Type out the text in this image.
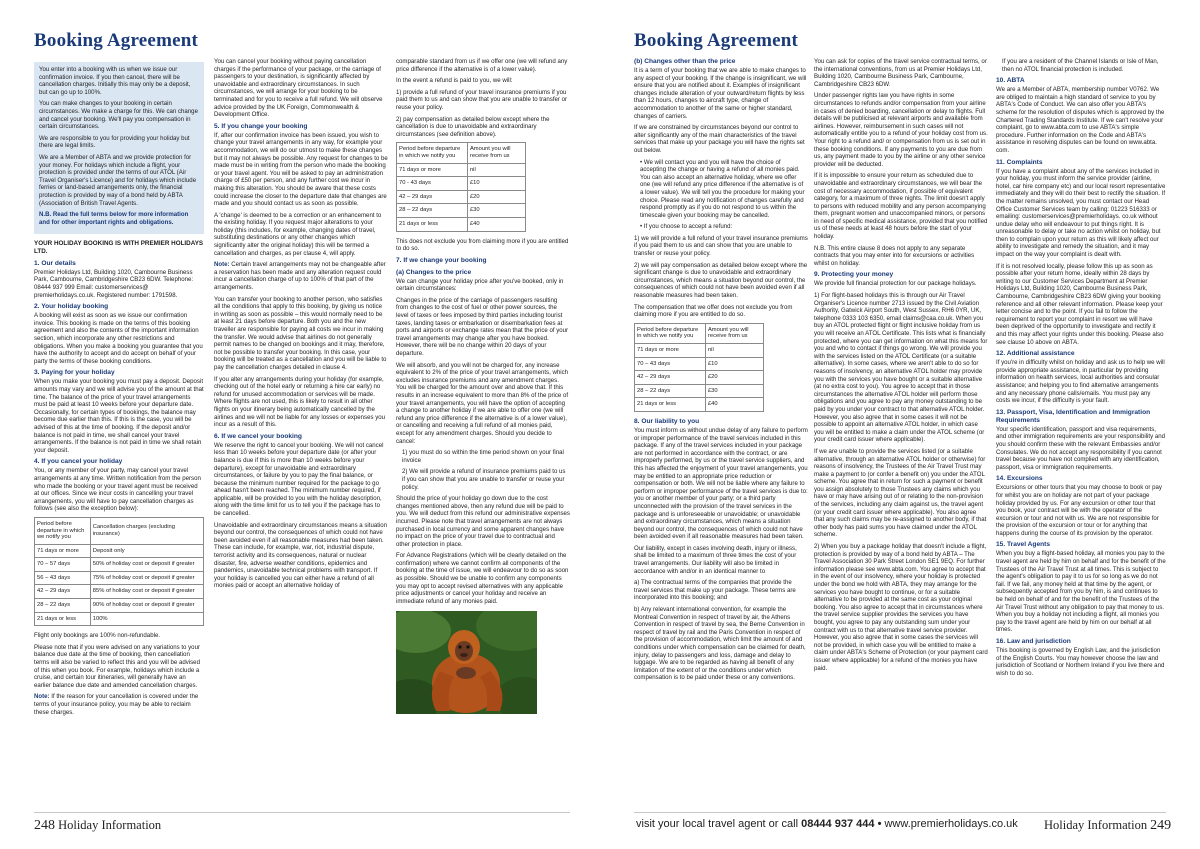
Booking Agreement

You enter into a booking with us when we issue our confirmation invoice. If you then cancel, there will be cancellation charges. Initially this may only be a deposit, but can go up to 100%.

You can make changes to your booking in certain circumstances. We make a charge for this. We can change and cancel your booking. We'll pay you compensation in certain circumstances.

We are responsible to you for providing your holiday but there are legal limits.

We are a Member of ABTA and we provide protection for your money. For holidays which include a flight, your protection is provided under the terms of our ATOL (Air Travel Organiser's Licence) and for holidays which include ferries or land-based arrangements only, the financial protection is provided by way of a bond held by ABTA (Association of British Travel Agents.

N.B. Read the full terms below for more information and for other important rights and obligations.

YOUR HOLIDAY BOOKING IS WITH PREMIER HOLIDAYS LTD.

1. Our details

Premier Holidays Ltd, Building 1020, Cambourne Business Park, Cambourne, Cambridgeshire CB23 6DW. Telephone: 08444 937 999 Email: customerservices@ premierholidays.co.uk. Registered number: 1791598.

2. Your holiday booking

A booking will exist as soon as we issue our confirmation invoice. This booking is made on the terms of this booking agreement and also the contents of the important information section, which incorporate any other restrictions and obligations. When you make a booking you guarantee that you have the authority to accept and do accept on behalf of your party the terms of these booking conditions.

3. Paying for your holiday

When you make your booking you must pay a deposit. Deposit amounts may vary and we will advise you of the amount at that time. The balance of the price of your travel arrangements must be paid at least 10 weeks before your departure date. Occasionally, for certain types of bookings, the balance may become due earlier than this. If this is the case, you will be advised of this at the time of booking. If the deposit and/or balance is not paid in time, we shall cancel your travel arrangements. If the balance is not paid in time we shall retain your deposit.

4. If you cancel your holiday

You, or any member of your party, may cancel your travel arrangements at any time. Written notification from the person who made the booking or your travel agent must be received at our offices. Since we incur costs in cancelling your travel arrangements, you will have to pay cancellation charges as follows (see also the exception below):

Period before departure in which we notify you	Cancellation charges (excluding insurance)
71 days or more	Deposit only
70 – 57 days	50% of holiday cost or deposit if greater
56 – 43 days	75% of holiday cost or deposit if greater
42 – 29 days	85% of holiday cost or deposit if greater
28 – 22 days	90% of holiday cost or deposit if greater
21 days or less	100%

Flight only bookings are 100% non-refundable.

Please note that if you were advised on any variations to your balance due date at the time of booking, then cancellation terms will also be varied to reflect this and you will be advised of this when you book. For example, holidays which include a cruise, and certain tour itineraries, will generally have an earlier balance due date and amended cancellation charges.

Note: If the reason for your cancellation is covered under the terms of your insurance policy, you may be able to reclaim these charges.

You can cancel your booking without paying cancellation charges if the performance of your package, or the carriage of passengers to your destination, is significantly affected by unavoidable and extraordinary circumstances. In such circumstances, we will arrange for your booking to be terminated and for you to receive a full refund. We will observe advice provided by the UK Foreign, Commonwealth & Development Office.

5. If you change your booking

If, after our confirmation invoice has been issued, you wish to change your travel arrangements in any way, for example your accommodation, we will do our utmost to make these changes but it may not always be possible. Any request for changes to be made must be in writing from the person who made the booking or your travel agent. You will be asked to pay an administration charge of £50 per person, and any further cost we incur in making this alteration. You should be aware that these costs could increase the closer to the departure date that changes are made and you should contact us as soon as possible.

A 'change' is deemed to be a correction or an enhancement to the existing holiday. If you request major alterations to your holiday (this includes, for example, changing dates of travel, substituting destinations or any other changes which significantly alter the original holiday) this will be termed a cancellation and charges, as per clause 4, will apply.

Note: Certain travel arrangements may not be changeable after a reservation has been made and any alteration request could incur a cancellation charge of up to 100% of that part of the arrangements.

You can transfer your booking to another person, who satisfies all the conditions that apply to this booking, by giving us notice in writing as soon as possible – this would normally need to be at least 21 days before departure. Both you and the new traveller are responsible for paying all costs we incur in making the transfer. We would advise that airlines do not generally permit names to be changed on bookings and it may, therefore, not be possible to transfer your booking. In this case, your booking will be treated as a cancellation and you will be liable to pay the cancellation charges detailed in clause 4.

If you alter any arrangements during your holiday (for example, checking out of the hotel early or returning a hire car early) no refund for unused accommodation or services will be made. Where flights are not used, this is likely to result in all other flights on your itinerary being automatically cancelled by the airlines and we will not be liable for any losses or expenses you incur as a result of this.

6. If we cancel your booking

We reserve the right to cancel your booking. We will not cancel less than 10 weeks before your departure date (or after your balance is due if this is more than 10 weeks before your departure), except for unavoidable and extraordinary circumstances, or failure by you to pay the final balance, or because the minimum number required for the package to go ahead hasn't been reached. The minimum number required, if applicable, will be provided to you with the holiday description, along with the time limit for us to tell you if the package has to be cancelled.

Unavoidable and extraordinary circumstances means a situation beyond our control, the consequences of which could not have been avoided even if all reasonable measures had been taken. These can include, for example, war, riot, industrial dispute, terrorist activity and its consequences, natural or nuclear disaster, fire, adverse weather conditions, epidemics and pandemics, unavoidable technical problems with transport. If your holiday is cancelled you can either have a refund of all monies paid or accept an alternative holiday of

comparable standard from us if we offer one (we will refund any price difference if the alternative is of a lower value).

In the event a refund is paid to you, we will:

1) provide a full refund of your travel insurance premiums if you paid them to us and can show that you are unable to transfer or reuse your policy.

2) pay compensation as detailed below except where the cancellation is due to unavoidable and extraordinary circumstances (see definition above).

Period before departure in which we notify you	Amount you will receive from us
71 days or more	nil
70 - 43 days	£10
42 – 29 days	£20
28 – 22 days	£30
21 days or less	£40

This does not exclude you from claiming more if you are entitled to do so.

7. If we change your booking
(a) Changes to the price

We can change your holiday price after you've booked, only in certain circumstances:

Changes in the price of the carriage of passengers resulting from changes to the cost of fuel or other power sources, the level of taxes or fees imposed by third parties including tourist taxes, landing taxes or embarkation or disembarkation fees at ports and airports or exchange rates mean that the price of your travel arrangements may change after you have booked. However, there will be no change within 20 days of your departure.

We will absorb, and you will not be charged for, any increase equivalent to 2% of the price of your travel arrangements, which excludes insurance premiums and any amendment charges. You will be charged for the amount over and above that. If this results in an increase equivalent to more than 8% of the price of your travel arrangements, you will have the option of accepting a change to another holiday if we are able to offer one (we will refund any price difference if the alternative is of a lower value), or cancelling and receiving a full refund of all monies paid, except for any amendment charges. Should you decide to cancel:

1) you must do so within the time period shown on your final invoice

2) We will provide a refund of insurance premiums paid to us if you can show that you are unable to transfer or reuse your policy.

Should the price of your holiday go down due to the cost changes mentioned above, then any refund due will be paid to you. We will deduct from this refund our administrative expenses incurred. Please note that travel arrangements are not always purchased in local currency and some apparent changes have no impact on the price of your travel due to contractual and other protection in place.

For Advance Registrations (which will be clearly detailed on the confirmation) where we cannot confirm all components of the booking at the time of issue, we will endeavour to do so as soon as possible. Should we be unable to confirm any components you may opt to accept revised alternatives with any applicable price adjustments or cancel your holiday and receive an immediate refund of any monies paid.

248 Holiday Information
Booking Agreement
(b) Changes other than the price

It is a term of your booking that we are able to make changes to any aspect of your booking. If the change is insignificant, we will ensure that you are notified about it. Examples of insignificant changes include alteration of your outward/return flights by less than 12 hours, changes to aircraft type, change of accommodation to another of the same or higher standard, changes of carriers.

If we are constrained by circumstances beyond our control to alter significantly any of the main characteristics of the travel services that make up your package you will have the rights set out below.

• We will contact you and you will have the choice of accepting the change or having a refund of all monies paid. You can also accept an alternative holiday, where we offer one (we will refund any price difference if the alternative is of a lower value). We will tell you the procedure for making your choice. Please read any notification of changes carefully and respond promptly as if you do not respond to us within the timescale given your booking may be cancelled.

• If you choose to accept a refund:

1) we will provide a full refund of your travel insurance premiums if you paid them to us and can show that you are unable to transfer or reuse your policy.

2) we will pay compensation as detailed below except where the significant change is due to unavoidable and extraordinary circumstances, which means a situation beyond our control, the consequences of which could not have been avoided even if all reasonable measures had been taken.

The compensation that we offer does not exclude you from claiming more if you are entitled to do so.

Period before departure in which we notify you	Amount you will receive from us
71 days or more	nil
70 – 43 days	£10
42 – 29 days	£20
28 – 22 days	£30
21 days or less	£40
8. Our liability to you

You must inform us without undue delay of any failure to perform or improper performance of the travel services included in this package. If any of the travel services included in your package are not performed in accordance with the contract, or are improperly performed, by us or the travel service suppliers, and this has affected the enjoyment of your travel arrangements, you may be entitled to an appropriate price reduction or compensation or both. We will not be liable where any failure to perform or improper performance of the travel services is due to: you or another member of your party; or a third party unconnected with the provision of the travel services in the package and is unforeseeable or unavoidable; or unavoidable and extraordinary circumstances, which means a situation beyond our control, the consequences of which could not have been avoided even if all reasonable measures had been taken.

Our liability, except in cases involving death, injury or illness, shall be limited to a maximum of three times the cost of your travel arrangements. Our liability will also be limited in accordance with and/or in an identical manner to

a) The contractual terms of the companies that provide the travel services that make up your package. These terms are incorporated into this booking; and

b) Any relevant international convention, for example the Montreal Convention in respect of travel by air, the Athens Convention in respect of travel by sea, the Berne Convention in respect of travel by rail and the Paris Convention in respect of the provision of accommodation, which limit the amount of and conditions under which compensation can be claimed for death, injury, delay to passengers and loss, damage and delay to luggage. We are to be regarded as having all benefit of any limitation of the extent of or the conditions under which compensation is to be paid under these or any conventions.

You can ask for copies of the travel service contractual terms, or the international conventions, from us at Premier Holidays Ltd, Building 1020, Cambourne Business Park, Cambourne, Cambridgeshire CB23 6DW.

Under passenger rights law you have rights in some circumstances to refunds and/or compensation from your airline in cases of denied boarding, cancellation or delay to flights. Full details will be publicised at relevant airports and available from airlines. However, reimbursement in such cases will not automatically entitle you to a refund of your holiday cost from us. Your right to a refund and/ or compensation from us is set out in these booking conditions. If any payments to you are due from us, any payment made to you by the airline or any other service provider will be deducted.

If it is impossible to ensure your return as scheduled due to unavoidable and extraordinary circumstances, we will bear the cost of necessary accommodation, if possible of equivalent category, for a maximum of three nights. The limit doesn't apply to persons with reduced mobility and any person accompanying them, pregnant women and unaccompanied minors, or persons in need of specific medical assistance, provided that you notified us of these needs at least 48 hours before the start of your holiday.

N.B. This entire clause 8 does not apply to any separate contracts that you may enter into for excursions or activities whilst on holiday.

9. Protecting your money

We provide full financial protection for our package holidays.

1) For flight-based holidays this is through our Air Travel Organiser's Licence number 2713 issued by the Civil Aviation Authority, Gatwick Airport South, West Sussex, RH6 0YR, UK, telephone 0333 103 6350, email claims@caa.co.uk. When you buy an ATOL protected flight or flight inclusive holiday from us you will receive an ATOL Certificate. This lists what is financially protected, where you can get information on what this means for you and who to contact if things go wrong. We will provide you with the services listed on the ATOL Certificate (or a suitable alternative). In some cases, where we aren't able to do so for reasons of insolvency, an alternative ATOL holder may provide you with the services you have bought or a suitable alternative (at no extra cost to you). You agree to accept that in those circumstances the alternative ATOL holder will perform those obligations and you agree to pay any money outstanding to be paid by you under your contract to that alternative ATOL holder. However, you also agree that in some cases it will not be possible to appoint an alternative ATOL holder, in which case you will be entitled to make a claim under the ATOL scheme (or your credit card issuer where applicable).

If we are unable to provide the services listed (or a suitable alternative, through an alternative ATOL holder or otherwise) for reasons of insolvency, the Trustees of the Air Travel Trust may make a payment to (or confer a benefit on) you under the ATOL scheme. You agree that in return for such a payment or benefit you assign absolutely to those Trustees any claims which you have or may have arising out of or relating to the non-provision of the services, including any claim against us, the travel agent (or your credit card issuer where applicable). You also agree that any such claims may be re-assigned to another body, if that other body has paid sums you have claimed under the ATOL scheme.

2) When you buy a package holiday that doesn't include a flight, protection is provided by way of a bond held by ABTA – The Travel Association 30 Park Street London SE1 9EQ. For further information please see www.abta.com. You agree to accept that in the event of our insolvency, where your holiday is protected under the bond we hold with ABTA, they may arrange for the services you have bought to continue, or for a suitable alternative to be provided at the same cost as your original booking. You also agree to accept that in circumstances where the travel service supplier provides the services you have bought, you agree to pay any outstanding sum under your contract with us to that alternative travel service provider. However, you also agree that in some cases the services will not be provided, in which case you will be entitled to make a claim under ABTA's Scheme of Protection (or your payment card issuer where applicable) for a refund of the monies you have paid.

If you are a resident of the Channel Islands or Isle of Man, then no ATOL financial protection is included.

10. ABTA

We are a Member of ABTA, membership number V0762. We are obliged to maintain a high standard of service to you by ABTA's Code of Conduct. We can also offer you ABTA's scheme for the resolution of disputes which is approved by the Chartered Trading Standards Institute. If we can't resolve your complaint, go to www.abta.com to use ABTA's simple procedure. Further information on the Code and ABTA's assistance in resolving disputes can be found on www.abta. com.

11. Complaints

If you have a complaint about any of the services included in your holiday, you must inform the service provider (airline, hotel, car hire company etc) and our local resort representative immediately and they will do their best to rectify the situation. If the matter remains unsolved, you must contact our Head Office Customer Services team by calling: 01223 516333 or emailing: customerservices@premierholidays. co.uk without undue delay who will endeavour to put things right. It is unreasonable to delay or take no action whilst on holiday, but then to complain upon your return as this will likely affect our ability to investigate and remedy the situation, and it may impact on the way your complaint is dealt with.

If it is not resolved locally, please follow this up as soon as possible after your return home, ideally within 28 days by writing to our Customer Services Department at Premier Holidays Ltd, Building 1020, Cambourne Business Park, Cambourne, Cambridgeshire CB23 6DW giving your booking reference and all other relevant information. Please keep your letter concise and to the point. If you fail to follow the requirement to report your complaint in resort we will have been deprived of the opportunity to investigate and rectify it and this may affect your rights under this booking. Please also see clause 10 above on ABTA.

12. Additional assistance

If you're in difficulty whilst on holiday and ask us to help we will provide appropriate assistance, in particular by providing information on health services, local authorities and consular assistance; and helping you to find alternative arrangements and any necessary phone calls/emails. You must pay any costs we incur, if the difficulty is your fault.

13. Passport, Visa, Identification and Immigration Requirements

Your specific identification, passport and visa requirements, and other immigration requirements are your responsibility and you should confirm these with the relevant Embassies and/or Consulates. We do not accept any responsibility if you cannot travel because you have not complied with any identification, passport, visa or immigration requirements.

14. Excursions

Excursions or other tours that you may choose to book or pay for whilst you are on holiday are not part of your package holiday provided by us. For any excursion or other tour that you book, your contract will be with the operator of the excursion or tour and not with us. We are not responsible for the provision of the excursion or tour or for anything that happens during the course of its provision by the operator.

15. Travel Agents

When you buy a flight-based holiday, all monies you pay to the travel agent are held by him on behalf and for the benefit of the Trustees of the Air Travel Trust at all times. This is subject to the agent's obligation to pay it to us for so long as we do not fail. If we fail, any money held at that time by the agent, or subsequently accepted from you by him, is and continues to be held on behalf of and for the benefit of the Trustees of the Air Travel Trust without any obligation to pay that money to us. When you buy a holiday not including a flight, all monies you pay to the travel agent are held by him on our behalf at all times.

16. Law and jurisdiction

This booking is governed by English Law, and the jurisdiction of the English Courts. You may however choose the law and jurisdiction of Scotland or Northern Ireland if you live there and wish to do so.

visit your local travel agent or call 08444 937 444 • www.premierholidays.co.uk Holiday Information 249
